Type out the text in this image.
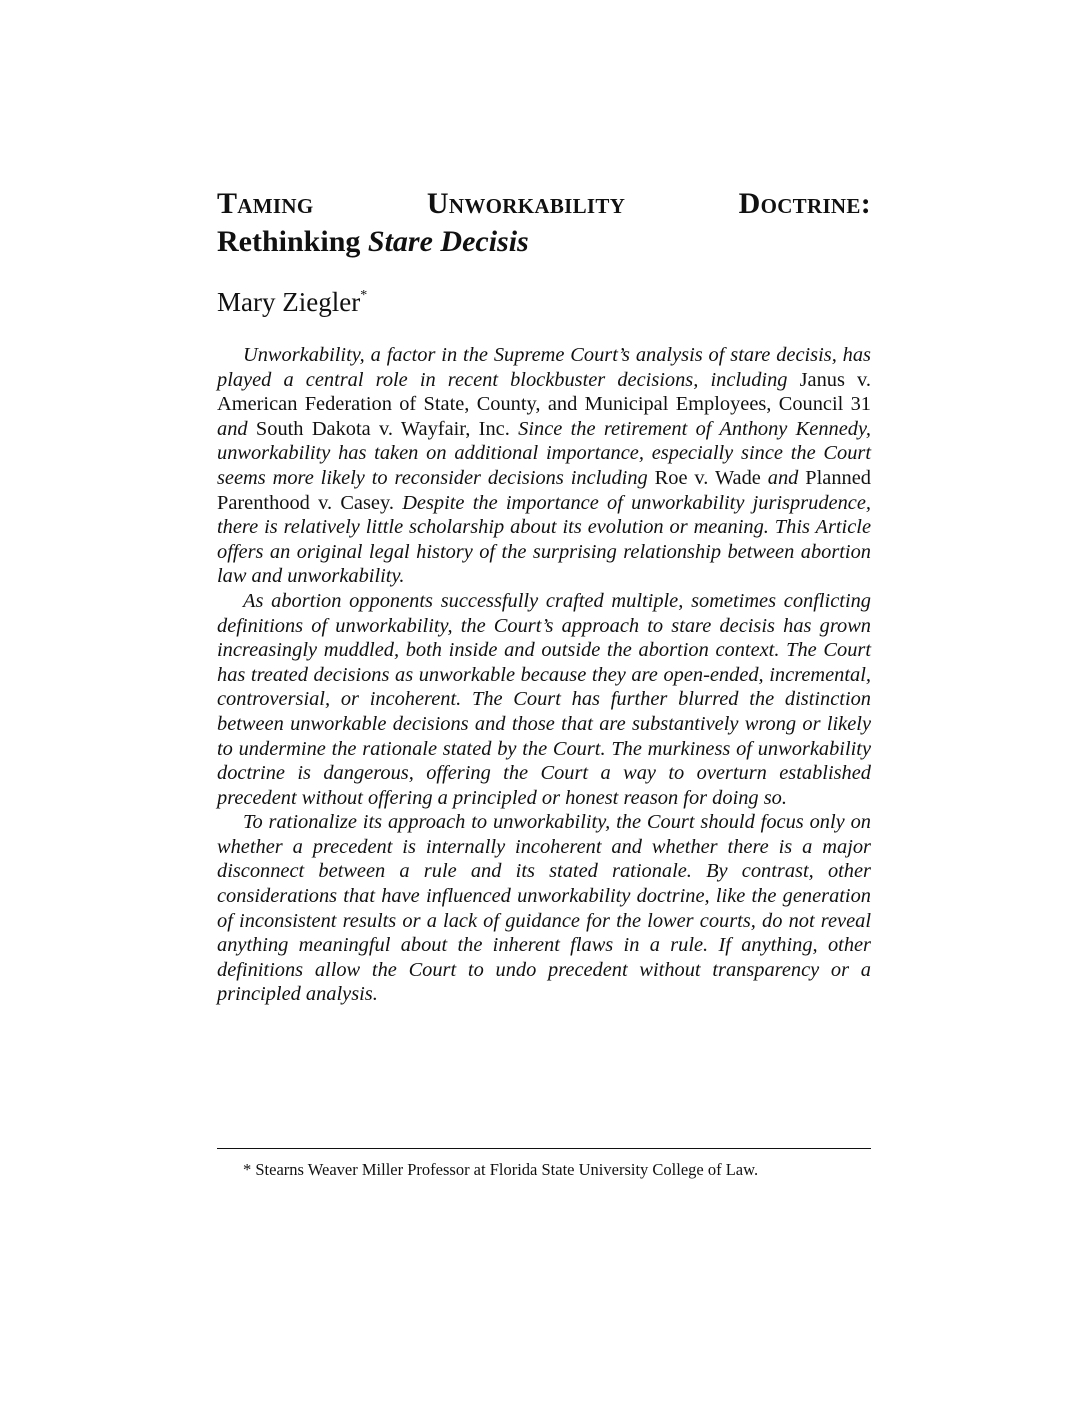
Taming	Unworkability	Doctrine:
Rethinking Stare Decisis
Mary Ziegler*

Unworkability, a factor in the Supreme Court’s analysis of stare decisis, has played a central role in recent blockbuster decisions, including Janus v. American Federation of State, County, and Municipal Employees, Council 31 and South Dakota v. Wayfair, Inc. Since the retirement of Anthony Kennedy, unworkability has taken on additional importance, especially since the Court seems more likely to reconsider decisions including Roe v. Wade and Planned Parenthood v. Casey. Despite the importance of unworkability jurisprudence, there is relatively little scholarship about its evolution or meaning. This Article offers an original legal history of the surprising relationship between abortion law and unworkability.

As abortion opponents successfully crafted multiple, sometimes conflicting definitions of unworkability, the Court’s approach to stare decisis has grown increasingly muddled, both inside and outside the abortion context. The Court has treated decisions as unworkable because they are open-ended, incremental, controversial, or incoherent. The Court has further blurred the distinction between unworkable decisions and those that are substantively wrong or likely to undermine the rationale stated by the Court. The murkiness of unworkability doctrine is dangerous, offering the Court a way to overturn established precedent without offering a principled or honest reason for doing so.

To rationalize its approach to unworkability, the Court should focus only on whether a precedent is internally incoherent and whether there is a major disconnect between a rule and its stated rationale. By contrast, other considerations that have influenced unworkability doctrine, like the generation of inconsistent results or a lack of guidance for the lower courts, do not reveal anything meaningful about the inherent flaws in a rule. If anything, other definitions allow the Court to undo precedent without transparency or a principled analysis.

* Stearns Weaver Miller Professor at Florida State University College of Law.
